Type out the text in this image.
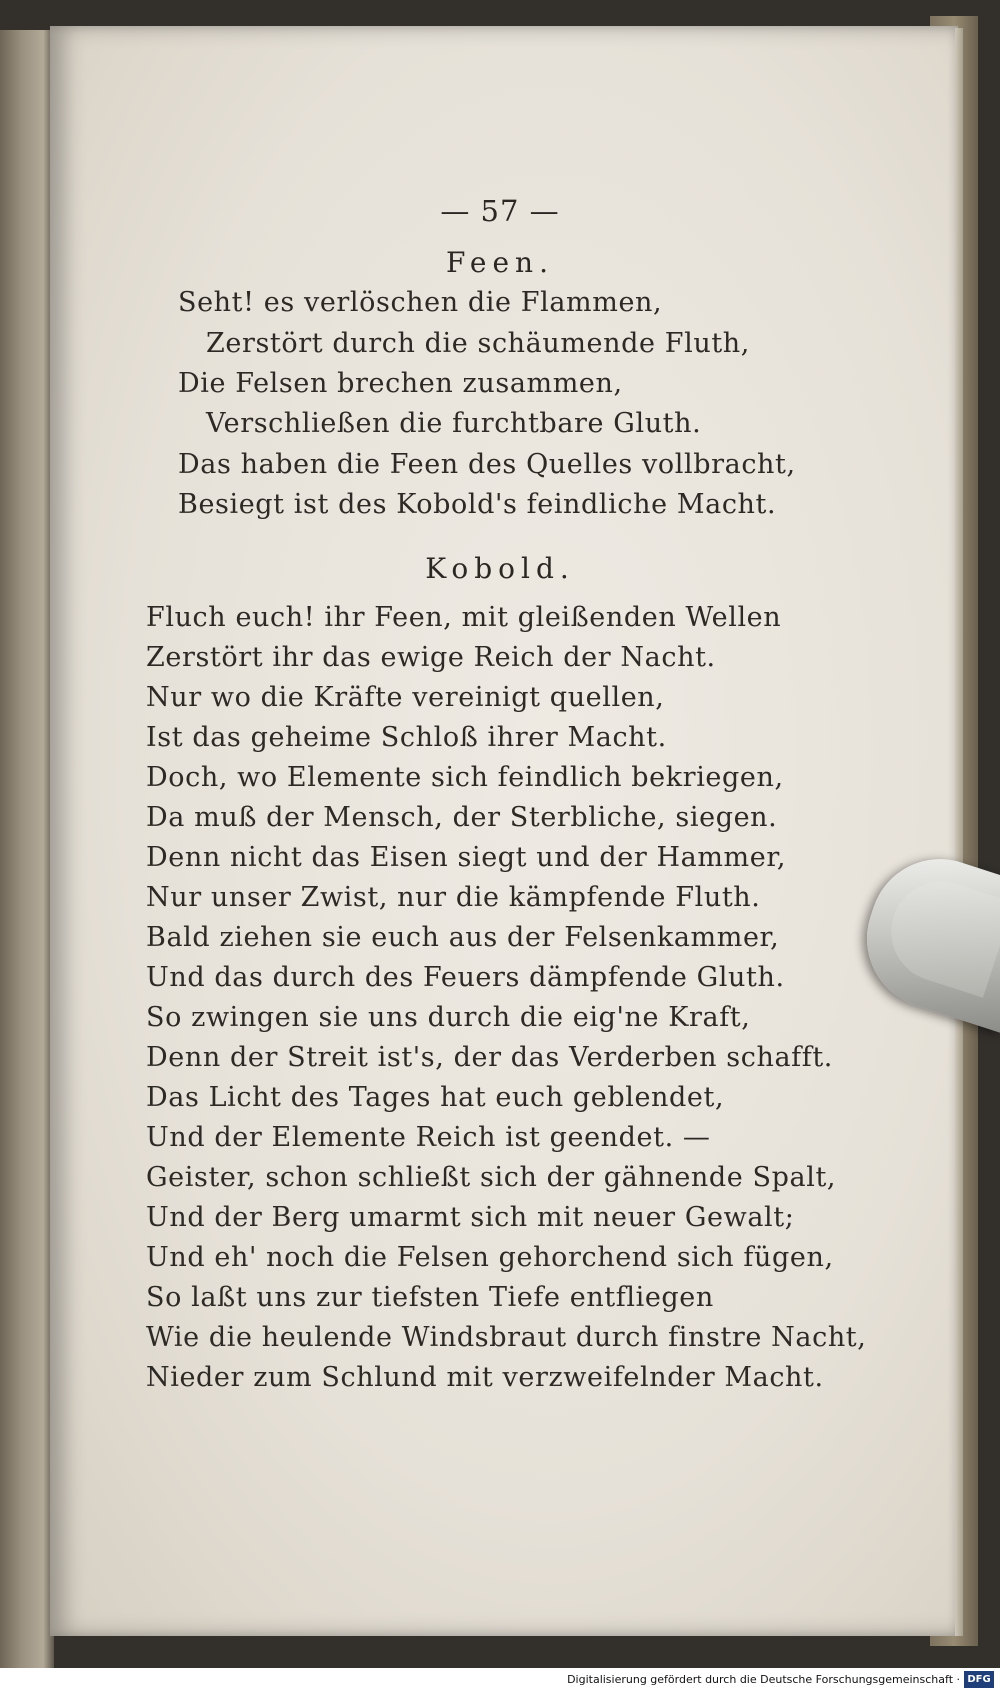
— 57 —
Feen.
Seht! es verlöschen die Flammen,
Zerstört durch die schäumende Fluth,
Die Felsen brechen zusammen,
Verschließen die furchtbare Gluth.
Das haben die Feen des Quelles vollbracht,
Besiegt ist des Kobold's feindliche Macht.
Kobold.
Fluch euch! ihr Feen, mit gleißenden Wellen
Zerstört ihr das ewige Reich der Nacht.
Nur wo die Kräfte vereinigt quellen,
Ist das geheime Schloß ihrer Macht.
Doch, wo Elemente sich feindlich bekriegen,
Da muß der Mensch, der Sterbliche, siegen.
Denn nicht das Eisen siegt und der Hammer,
Nur unser Zwist, nur die kämpfende Fluth.
Bald ziehen sie euch aus der Felsenkammer,
Und das durch des Feuers dämpfende Gluth.
So zwingen sie uns durch die eig'ne Kraft,
Denn der Streit ist's, der das Verderben schafft.
Das Licht des Tages hat euch geblendet,
Und der Elemente Reich ist geendet. —
Geister, schon schließt sich der gähnende Spalt,
Und der Berg umarmt sich mit neuer Gewalt;
Und eh' noch die Felsen gehorchend sich fügen,
So laßt uns zur tiefsten Tiefe entfliegen
Wie die heulende Windsbraut durch finstre Nacht,
Nieder zum Schlund mit verzweifelnder Macht.
Digitalisierung gefördert durch die Deutsche Forschungsgemeinschaft · DFG
